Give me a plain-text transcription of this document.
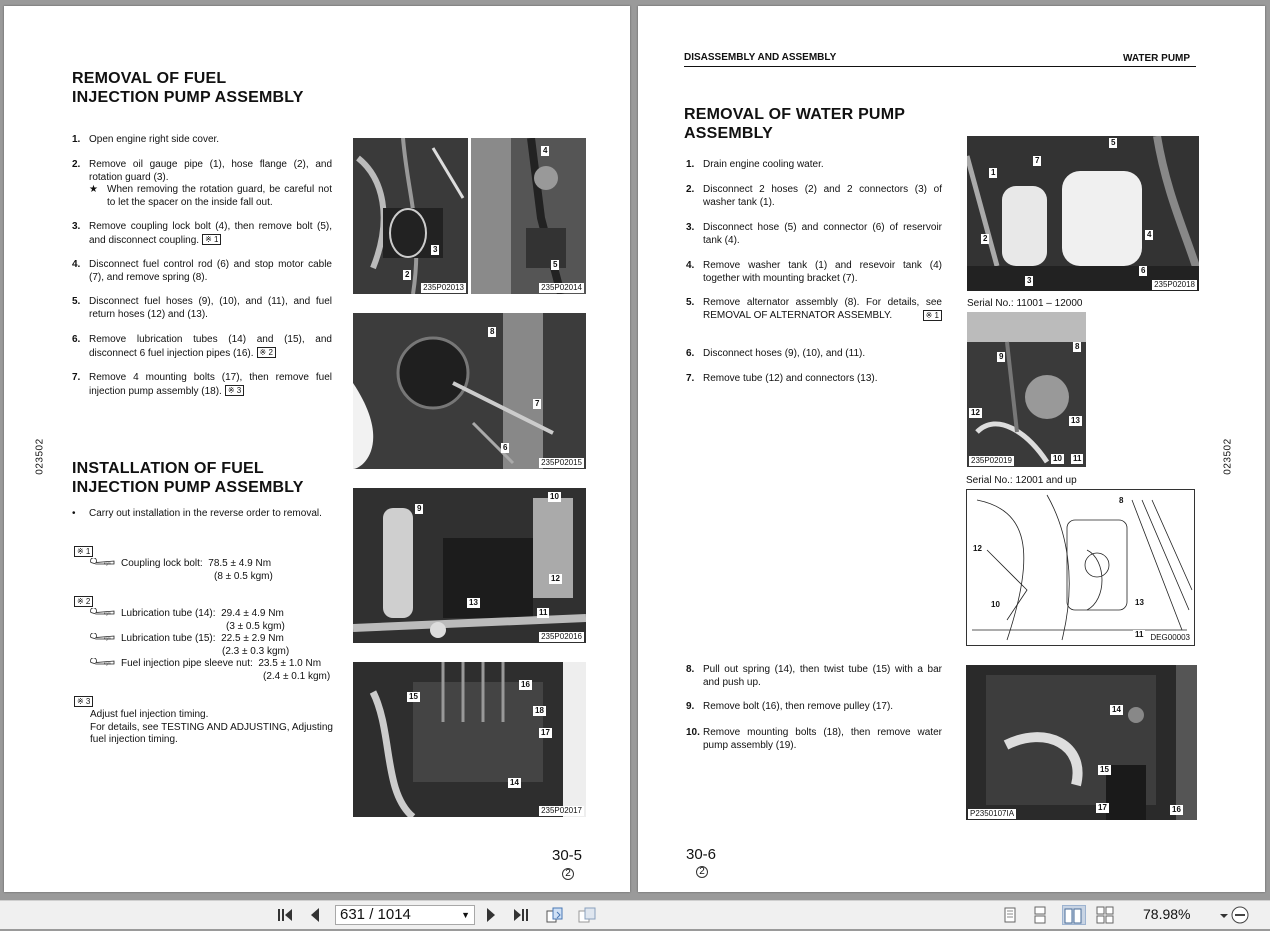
REMOVAL OF FUEL
INJECTION PUMP ASSEMBLY
1. Open engine right side cover.
2. Remove oil gauge pipe (1), hose flange (2), and rotation guard (3).
★ When removing the rotation guard, be careful not to let the spacer on the inside fall out.
3. Remove coupling lock bolt (4), then remove bolt (5), and disconnect coupling. ※ 1
4. Disconnect fuel control rod (6) and stop motor cable (7), and remove spring (8).
5. Disconnect fuel hoses (9), (10), and (11), and fuel return hoses (12) and (13).
6. Remove lubrication tubes (14) and (15), and disconnect 6 fuel injection pipes (16). ※ 2
7. Remove 4 mounting bolts (17), then remove fuel injection pump assembly (18). ※ 3
023502 INSTALLATION OF FUEL
INJECTION PUMP ASSEMBLY
• Carry out installation in the reverse order to removal.
※ 1
kgm Coupling lock bolt: 78.5 ± 4.9 Nm
(8 ± 0.5 kgm)
※ 2
kgm Lubrication tube (14): 29.4 ± 4.9 Nm
(3 ± 0.5 kgm)
kgm Lubrication tube (15): 22.5 ± 2.9 Nm
(2.3 ± 0.3 kgm)
kgm Fuel injection pipe sleeve nut: 23.5 ± 1.0 Nm
(2.4 ± 0.1 kgm)
※ 3
Adjust fuel injection timing.
For details, see TESTING AND ADJUSTING, Adjusting fuel injection timing.
2
3
235P02013
4
5
235P02014
8
7
6
235P02015
10
9
12
13
11
235P02016
15
16
18
17
14
235P02017
30-5
2
DISASSEMBLY AND ASSEMBLY	WATER PUMP
REMOVAL OF WATER PUMP
ASSEMBLY
1. Drain engine cooling water.
2. Disconnect 2 hoses (2) and 2 connectors (3) of washer tank (1).
3. Disconnect hose (5) and connector (6) of reservoir tank (4).
4. Remove washer tank (1) and resevoir tank (4) together with mounting bracket (7).
5. Remove alternator assembly (8). For details, see REMOVAL OF ALTERNATOR ASSEMBLY.	※ 1
6. Disconnect hoses (9), (10), and (11).
7. Remove tube (12) and connectors (13).
8. Pull out spring (14), then twist tube (15) with a bar and push up.
9. Remove bolt (16), then remove pulley (17).
10. Remove mounting bolts (18), then remove water pump assembly (19).
5
7
1
2	4
3
6
235P02018
Serial No.: 11001 – 12000
9
8
12
13
10 11
235P02019
Serial No.: 12001 and up
8
12
10	13
11 DEG00003
14
15
17	16
P2350107IA
023502
30-6
2
631 / 1014	▼	78.98%
